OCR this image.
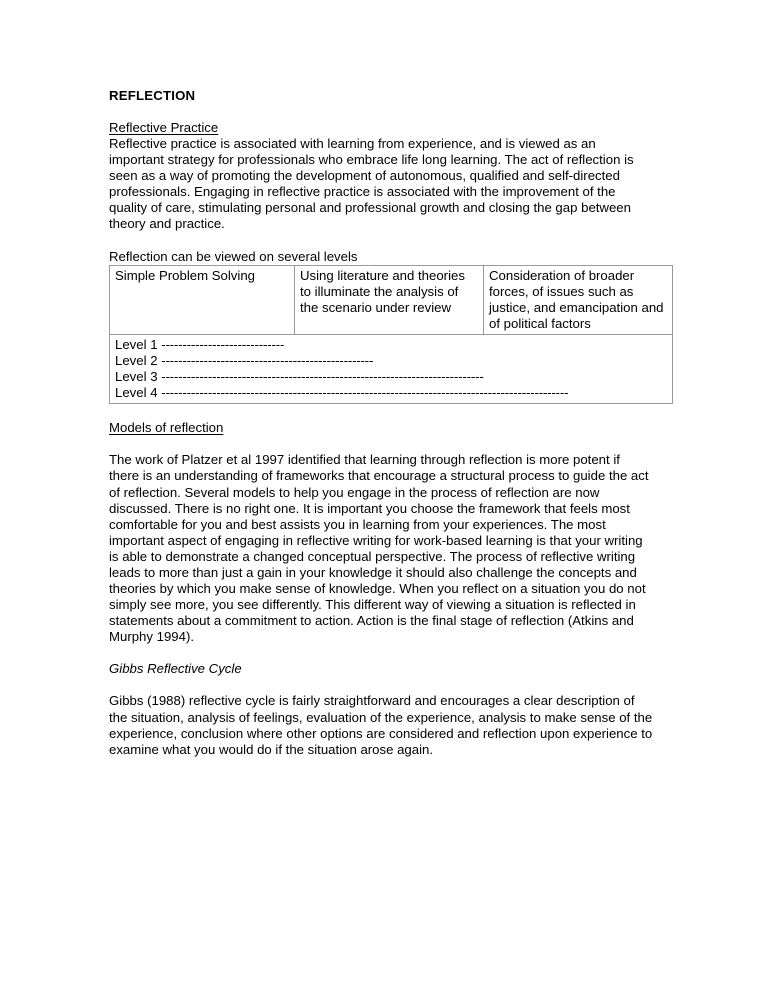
REFLECTION

Reflective Practice

Reflective practice is associated with learning from experience, and is viewed as an important strategy for professionals who embrace life long learning. The act of reflection is seen as a way of promoting the development of autonomous, qualified and self-directed professionals. Engaging in reflective practice is associated with the improvement of the quality of care, stimulating personal and professional growth and closing the gap between theory and practice.

Reflection can be viewed on several levels

Simple Problem Solving	Using literature and theories to illuminate the analysis of the scenario under review	Consideration of broader forces, of issues such as justice, and emancipation and of political factors

Level 1 -----------------------------
Level 2 --------------------------------------------------
Level 3 ----------------------------------------------------------------------------
Level 4 ------------------------------------------------------------------------------------------------

Models of reflection

The work of Platzer et al 1997 identified that learning through reflection is more potent if there is an understanding of frameworks that encourage a structural process to guide the act of reflection. Several models to help you engage in the process of reflection are now discussed. There is no right one. It is important you choose the framework that feels most comfortable for you and best assists you in learning from your experiences. The most important aspect of engaging in reflective writing for work-based learning is that your writing is able to demonstrate a changed conceptual perspective. The process of reflective writing leads to more than just a gain in your knowledge it should also challenge the concepts and theories by which you make sense of knowledge. When you reflect on a situation you do not simply see more, you see differently. This different way of viewing a situation is reflected in statements about a commitment to action. Action is the final stage of reflection (Atkins and Murphy 1994).

Gibbs Reflective Cycle

Gibbs (1988) reflective cycle is fairly straightforward and encourages a clear description of the situation, analysis of feelings, evaluation of the experience, analysis to make sense of the experience, conclusion where other options are considered and reflection upon experience to examine what you would do if the situation arose again.
